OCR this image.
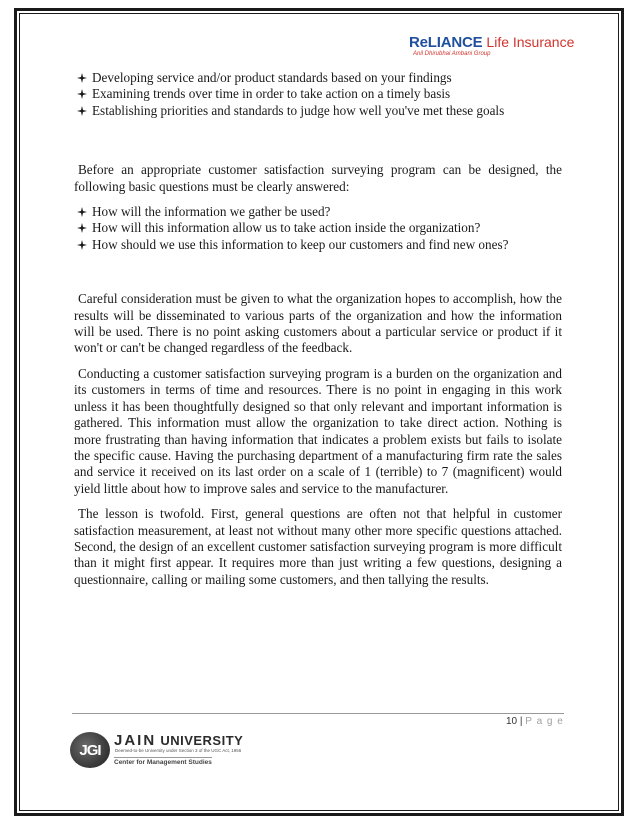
ReLIANCE Life Insurance
Anil Dhirubhai Ambani Group
Developing service and/or product standards based on your findings
Examining trends over time in order to take action on a timely basis
Establishing priorities and standards to judge how well you've met these goals

Before an appropriate customer satisfaction surveying program can be designed, the following basic questions must be clearly answered:

How will the information we gather be used?
How will this information allow us to take action inside the organization?
How should we use this information to keep our customers and find new ones?

Careful consideration must be given to what the organization hopes to accomplish, how the results will be disseminated to various parts of the organization and how the information will be used. There is no point asking customers about a particular service or product if it won't or can't be changed regardless of the feedback.

Conducting a customer satisfaction surveying program is a burden on the organization and its customers in terms of time and resources. There is no point in engaging in this work unless it has been thoughtfully designed so that only relevant and important information is gathered. This information must allow the organization to take direct action. Nothing is more frustrating than having information that indicates a problem exists but fails to isolate the specific cause. Having the purchasing department of a manufacturing firm rate the sales and service it received on its last order on a scale of 1 (terrible) to 7 (magnificent) would yield little about how to improve sales and service to the manufacturer.

The lesson is twofold. First, general questions are often not that helpful in customer satisfaction measurement, at least not without many other more specific questions attached. Second, the design of an excellent customer satisfaction surveying program is more difficult than it might first appear. It requires more than just writing a few questions, designing a questionnaire, calling or mailing some customers, and then tallying the results.

10 | P a g e
JGI
JAIN UNIVERSITY
Deemed-to-be University under Section 3 of the UGC Act, 1956
Center for Management Studies
